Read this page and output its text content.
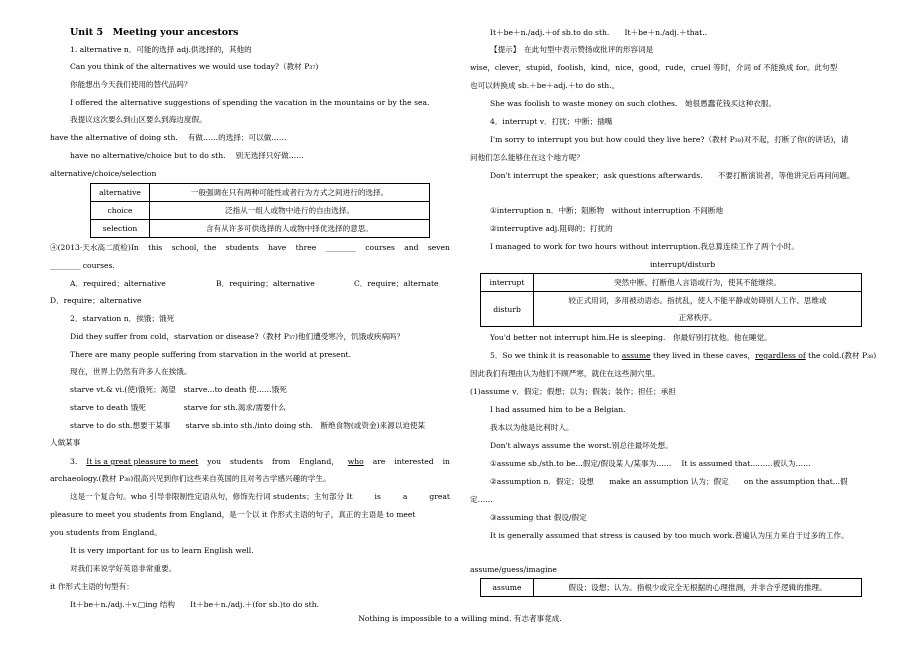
Unit 5　Meeting your ancestors
1. alternative n．可能的选择 adj.供选择的，其他的
Can you think of the alternatives we would use today?（教材 P₃₇)
你能想出今天我们使用的替代品吗？
I offered the alternative suggestions of spending the vacation in the mountains or by the sea.
我提议这次要么到山区要么到海边度假。
have the alternative of doing sth.　 有做……的选择；可以做……
have no alternative/choice but to do sth.　 别无选择只好做……
alternative/choice/selection
alternative	一般强调在只有两种可能性或者行为方式之间进行的选择。
choice	泛指从一组人或物中进行的自由选择。
selection	含有从许多可供选择的人或物中择优选择的意思。
④(2013·天水高二质检)In this school，the students have three ________ courses and seven
________ courses.
A．required；alternative	B．requiring；alternative	C．require；alternate
D．require；alternative
2．starvation n．挨饿；饿死
Did they suffer from cold，starvation or disease?（教材 P₃₇)他们遭受寒冷，饥饿或疾病吗？
There are many people suffering from starvation in the world at present.
现在，世界上仍然有许多人在挨饿。
starve vt.& vi.(使)饿死；渴望　starve...to death 使……饿死
starve to death 饿死　　　　　starve for sth.渴求/需要什么
starve to do sth.想要干某事　　starve sb.into sth./into doing sth.　断绝食物(或资金)来源以迫使某
人做某事
3. It is a great pleasure to meet you students from England， who are interested in
archaeology.(教材 P₃₈)很高兴见到你们这些来自英国的且对考古学感兴趣的学生。
这是一个复合句。who 引导非限制性定语从句，修饰先行词 students；主句部分 It	is	a	great
pleasure to meet you students from England，是一个以 it 作形式主语的句子，真正的主语是 to meet
you students from England。
It is very important for us to learn English well.
对我们来说学好英语非常重要。
it 作形式主语的句型有：
It＋be＋n./adj.＋v.□ing 结构　　It＋be＋n./adj.＋(for sb.)to do sth.
It＋be＋n./adj.＋of sb.to do sth.　　It＋be＋n./adj.＋that..
【提示】　在此句型中表示赞扬或批评的形容词是
wise，clever，stupid，foolish，kind，nice，good，rude，cruel 等时，介词 of 不能换成 for。此句型
也可以转换成 sb.＋be＋adj.＋to do sth.。
She was foolish to waste money on such clothes.　她很愚蠢花钱买这种衣服。
4．interrupt v．打扰；中断；插嘴
I'm sorry to interrupt you but how could they live here?（教材 P₃₈)对不起，打断了你(的讲话)，请
问他们怎么能够住在这个地方呢？
Don't interrupt the speaker；ask questions afterwards.　　不要打断演说者，等他讲完后再问问题。
①interruption n．中断；阻断物　without interruption 不间断地
②interruptive adj.阻碍的；打扰的
I managed to work for two hours without interruption.我总算连续工作了两个小时。
interrupt/disturb
interrupt	突然中断、打断他人言语或行为，使其不能继续。
disturb	较正式用词，多用被动语态。指扰乱，使人不能平静或妨碍别人工作、思维或
正常秩序。
You'd better not interrupt him.He is sleeping.　你最好别打扰他。他在睡觉。
5．So we think it is reasonable to assume they lived in these caves，regardless of the cold.(教材 P₃₈)
因此我们有理由认为他们不顾严寒，就住在这些洞穴里。
(1)assume v．假定；假想；以为；假装；装作；担任；承担
I had assumed him to be a Belgian.
我本以为他是比利时人。
Don't always assume the worst.别总往最坏处想。
①assume sb./sth.to be...假定/假设某人/某事为……　 It is assumed that...……被认为……
②assumption n．假定；设想　　make an assumption 认为；假定　　on the assumption that...假
定……
③assuming that 假设/假定
It is generally assumed that stress is caused by too much work.普遍认为压力来自于过多的工作。
assume/guess/imagine
assume	假设；设想；认为。指根少或完全无根据的心理推测，并非合乎逻辑的推理。
Nothing is impossible to a willing mind. 有志者事竟成.
